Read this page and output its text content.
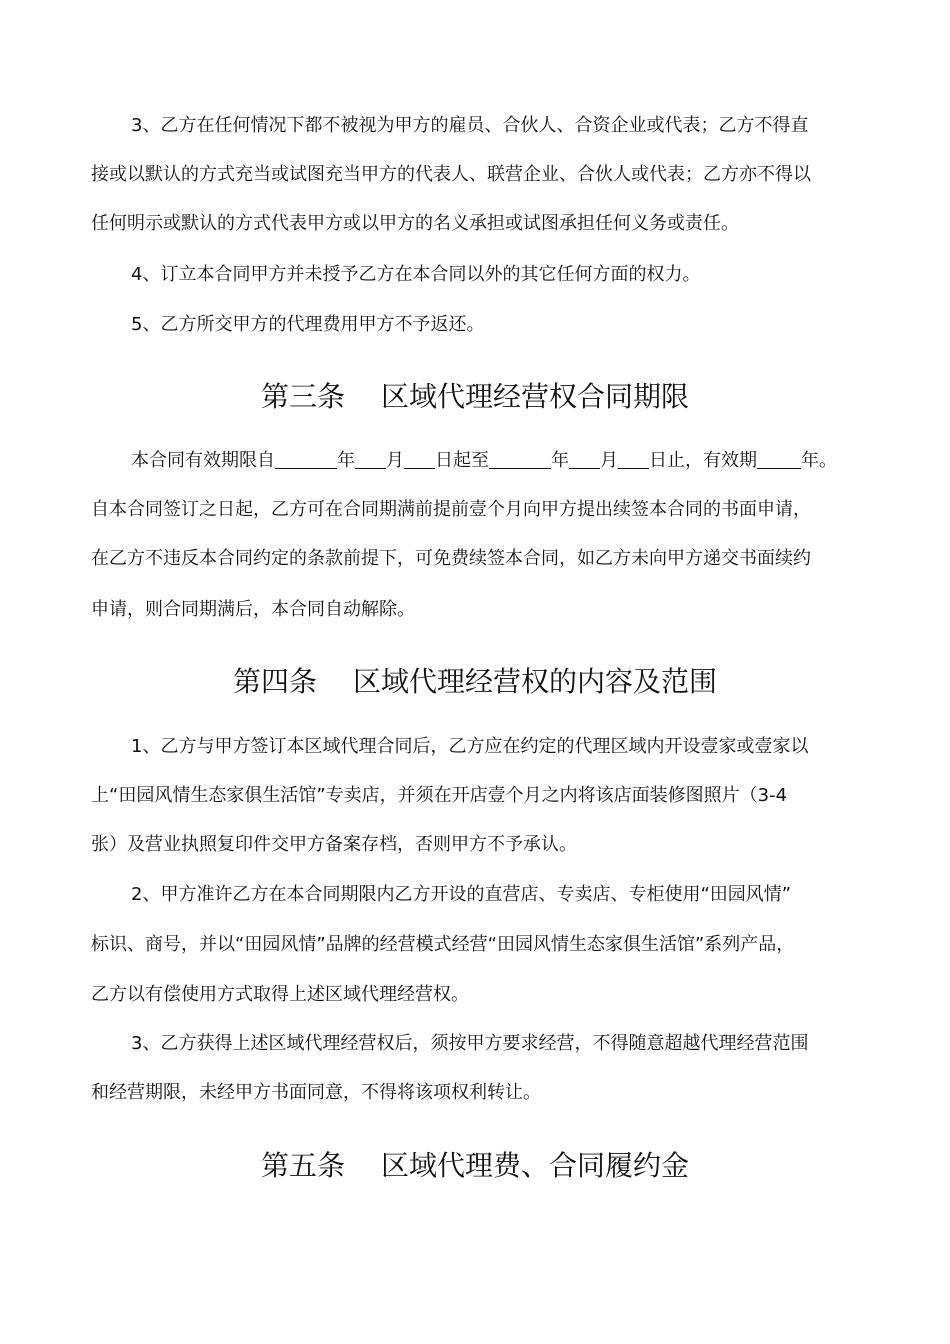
3、乙方在任何情况下都不被视为甲方的雇员、合伙人、合资企业或代表；乙方不得直
接或以默认的方式充当或试图充当甲方的代表人、联营企业、合伙人或代表；乙方亦不得以
任何明示或默认的方式代表甲方或以甲方的名义承担或试图承担任何义务或责任。
4、订立本合同甲方并未授予乙方在本合同以外的其它任何方面的权力。
5、乙方所交甲方的代理费用甲方不予返还。
第三条 区域代理经营权合同期限
本合同有效期限自	年 月 日起至	年 月 日止，有效期 年。
自本合同签订之日起，乙方可在合同期满前提前壹个月向甲方提出续签本合同的书面申请，
在乙方不违反本合同约定的条款前提下，可免费续签本合同，如乙方未向甲方递交书面续约
申请，则合同期满后，本合同自动解除。
第四条 区域代理经营权的内容及范围
1、乙方与甲方签订本区域代理合同后，乙方应在约定的代理区域内开设壹家或壹家以
上“田园风情生态家俱生活馆”专卖店，并须在开店壹个月之内将该店面装修图照片（3-4
张）及营业执照复印件交甲方备案存档，否则甲方不予承认。
2、甲方准许乙方在本合同期限内乙方开设的直营店、专卖店、专柜使用“田园风情”
标识、商号，并以“田园风情”品牌的经营模式经营“田园风情生态家俱生活馆”系列产品，
乙方以有偿使用方式取得上述区域代理经营权。
3、乙方获得上述区域代理经营权后，须按甲方要求经营，不得随意超越代理经营范围
和经营期限，未经甲方书面同意，不得将该项权利转让。
第五条 区域代理费、合同履约金
